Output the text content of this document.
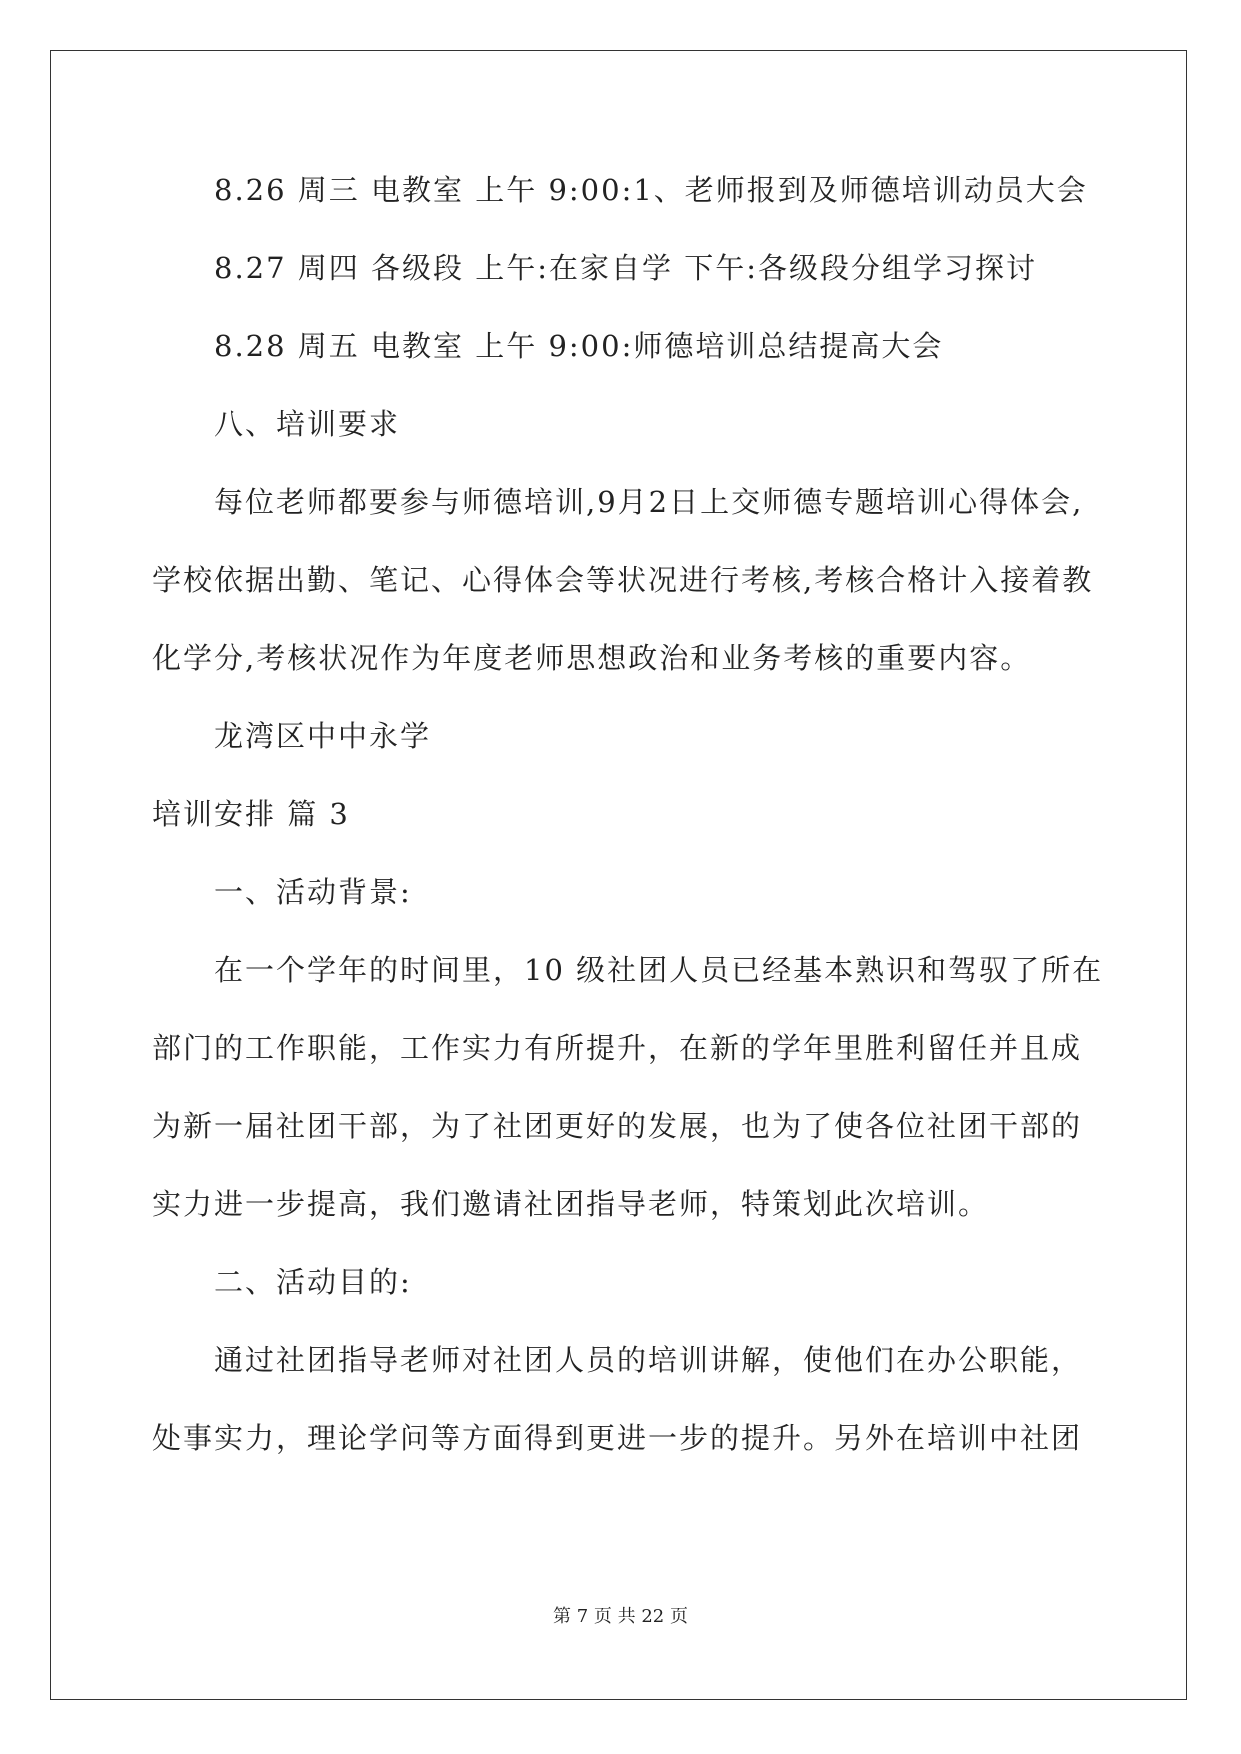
8.26 周三 电教室 上午 9:00:1、老师报到及师德培训动员大会
8.27 周四 各级段 上午:在家自学 下午:各级段分组学习探讨
8.28 周五 电教室 上午 9:00:师德培训总结提高大会
八、培训要求
每位老师都要参与师德培训,9月2日上交师德专题培训心得体会,
学校依据出勤、笔记、心得体会等状况进行考核,考核合格计入接着教
化学分,考核状况作为年度老师思想政治和业务考核的重要内容。
龙湾区中中永学
培训安排 篇 3
一、活动背景:
在一个学年的时间里，10 级社团人员已经基本熟识和驾驭了所在
部门的工作职能，工作实力有所提升，在新的学年里胜利留任并且成
为新一届社团干部，为了社团更好的发展，也为了使各位社团干部的
实力进一步提高，我们邀请社团指导老师，特策划此次培训。
二、活动目的:
通过社团指导老师对社团人员的培训讲解，使他们在办公职能，
处事实力，理论学问等方面得到更进一步的提升。另外在培训中社团
第 7 页 共 22 页
